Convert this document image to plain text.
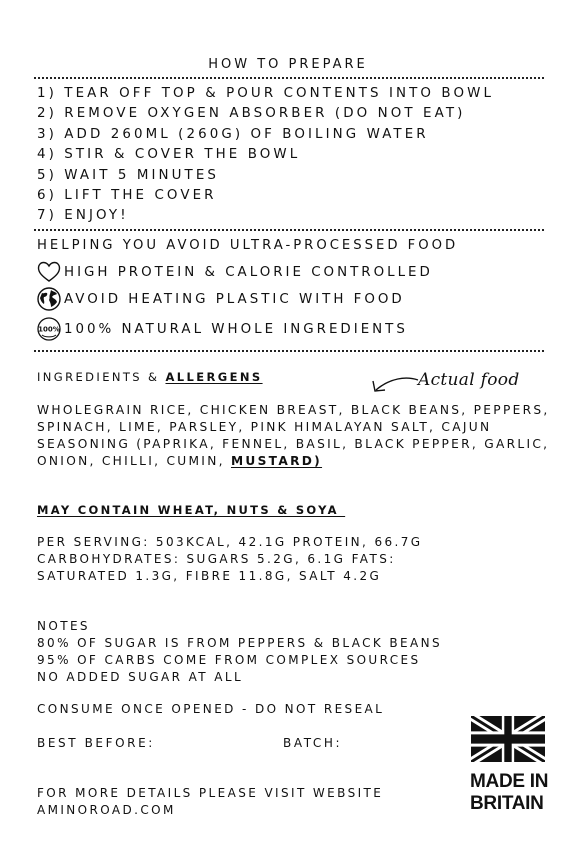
HOW TO PREPARE
1) TEAR OFF TOP & POUR CONTENTS INTO BOWL
2) REMOVE OXYGEN ABSORBER (DO NOT EAT)
3) ADD 260ML (260G) OF BOILING WATER
4) STIR & COVER THE BOWL
5) WAIT 5 MINUTES
6) LIFT THE COVER
7) ENJOY!
HELPING YOU AVOID ULTRA-PROCESSED FOOD
HIGH PROTEIN & CALORIE CONTROLLED
AVOID HEATING PLASTIC WITH FOOD
100% 100% NATURAL WHOLE INGREDIENTS
INGREDIENTS & ALLERGENS	Actual food
WHOLEGRAIN RICE, CHICKEN BREAST, BLACK BEANS, PEPPERS, SPINACH, LIME, PARSLEY, PINK HIMALAYAN SALT, CAJUN SEASONING (PAPRIKA, FENNEL, BASIL, BLACK PEPPER, GARLIC, ONION, CHILLI, CUMIN, MUSTARD)
MAY CONTAIN WHEAT, NUTS & SOYA
PER SERVING: 503KCAL, 42.1G PROTEIN, 66.7G
CARBOHYDRATES: SUGARS 5.2G, 6.1G FATS:
SATURATED 1.3G, FIBRE 11.8G, SALT 4.2G
NOTES
80% OF SUGAR IS FROM PEPPERS & BLACK BEANS
95% OF CARBS COME FROM COMPLEX SOURCES
NO ADDED SUGAR AT ALL
CONSUME ONCE OPENED - DO NOT RESEAL
BEST BEFORE:	BATCH:
FOR MORE DETAILS PLEASE VISIT WEBSITE
AMINOROAD.COM
MADE IN
BRITAIN
